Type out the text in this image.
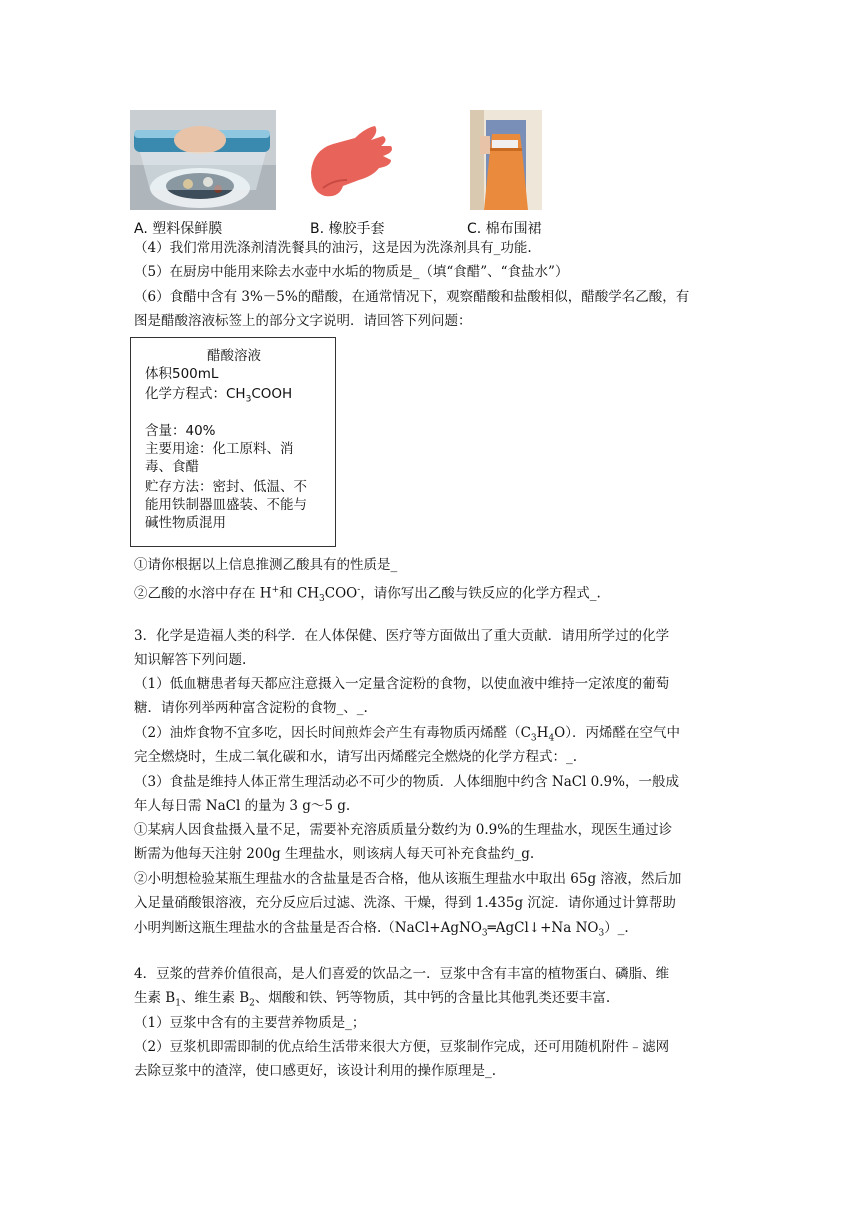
A. 塑料保鲜膜	B. 橡胶手套	C. 棉布围裙
（4）我们常用洗涤剂清洗餐具的油污，这是因为洗涤剂具有_功能.
（5）在厨房中能用来除去水壶中水垢的物质是_（填“食醋”、“食盐水”）
（6）食醋中含有 3%－5%的醋酸，在通常情况下，观察醋酸和盐酸相似，醋酸学名乙酸，有
图是醋酸溶液标签上的部分文字说明．请回答下列问题：
醋酸溶液
体积500mL
化学方程式：$CH_3COOH$
含量：40%
主要用途：化工原料、消
毒、食醋
贮存方法：密封、低温、不
能用铁制器皿盛装、不能与
碱性物质混用
①请你根据以上信息推测乙酸具有的性质是_
②乙酸的水溶中存在 H+和 $CH_3COO^-$，请你写出乙酸与铁反应的化学方程式_.
3．化学是造福人类的科学．在人体保健、医疗等方面做出了重大贡献．请用所学过的化学
知识解答下列问题.
（1）低血糖患者每天都应注意摄入一定量含淀粉的食物，以使血液中维持一定浓度的葡萄
糖．请你列举两种富含淀粉的食物_、_.
（2）油炸食物不宜多吃，因长时间煎炸会产生有毒物质丙烯醛$(C_3H_4O)$．丙烯醛在空气中
完全燃烧时，生成二氧化碳和水，请写出丙烯醛完全燃烧的化学方程式：_.
（3）食盐是维持人体正常生理活动必不可少的物质．人体细胞中约含 NaCl 0.9%，一般成
年人每日需 NaCl 的量为 3 g～5 g.
①某病人因食盐摄入量不足，需要补充溶质质量分数约为 0.9%的生理盐水，现医生通过诊
断需为他每天注射 200g 生理盐水，则该病人每天可补充食盐约_g.
②小明想检验某瓶生理盐水的含盐量是否合格，他从该瓶生理盐水中取出 65g 溶液，然后加
入足量硝酸银溶液，充分反应后过滤、洗涤、干燥，得到 1.435g 沉淀．请你通过计算帮助
小明判断这瓶生理盐水的含盐量是否合格.（NaCl+AgNO$_3$═AgCl↓+Na $NO_3)\_$.
4．豆浆的营养价值很高，是人们喜爱的饮品之一．豆浆中含有丰富的植物蛋白、磷脂、维
生素 $B_1$、维生素 $B_2$、烟酸和铁、钙等物质，其中钙的含量比其他乳类还要丰富.
（1）豆浆中含有的主要营养物质是_；
（2）豆浆机即需即制的优点给生活带来很大方便，豆浆制作完成，还可用随机附件﹣滤网
去除豆浆中的渣滓，使口感更好，该设计利用的操作原理是_.
